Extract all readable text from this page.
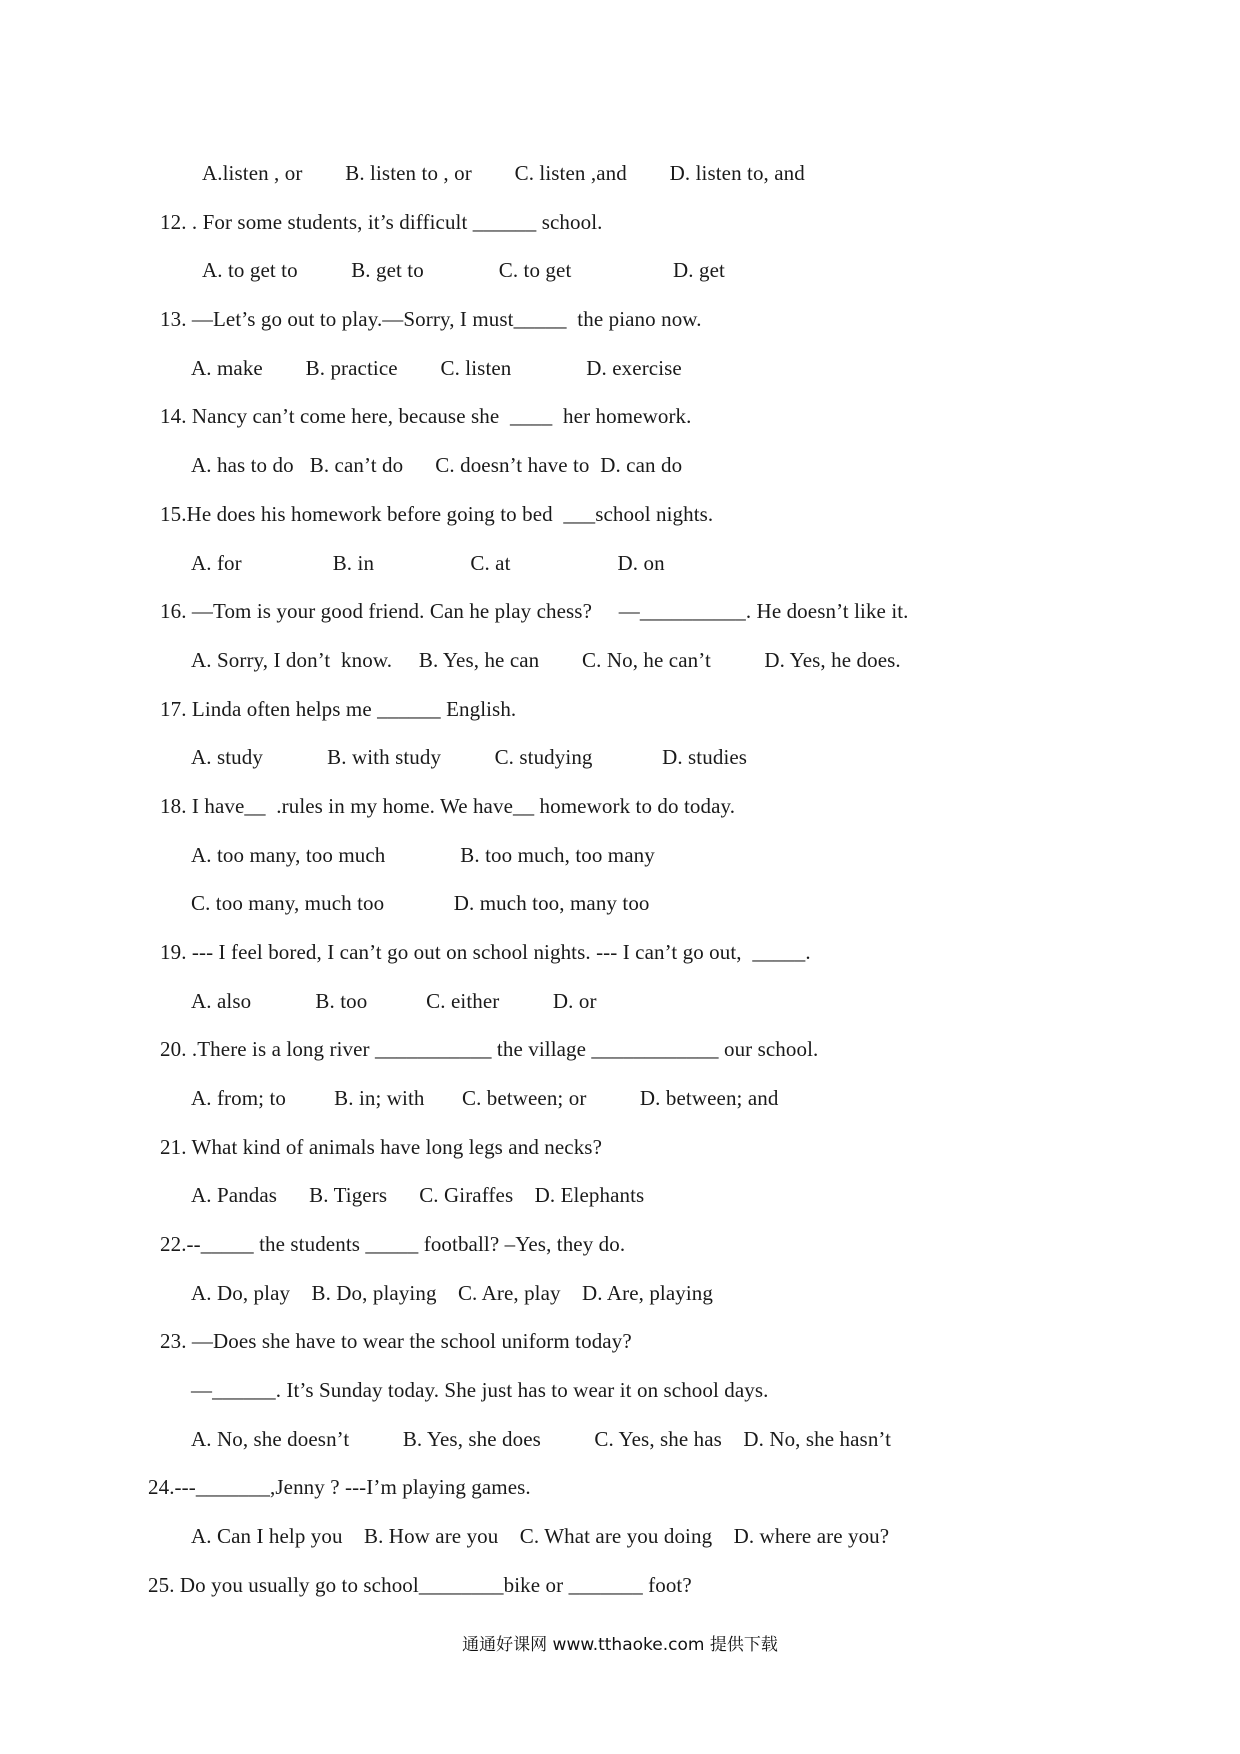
A.listen , or        B. listen to , or        C. listen ,and        D. listen to, and
12. . For some students, it’s difficult ______ school.
A. to get to          B. get to              C. to get                   D. get
13. —Let’s go out to play.—Sorry, I must_____  the piano now.
A. make        B. practice        C. listen              D. exercise
14. Nancy can’t come here, because she  ____  her homework.
A. has to do   B. can’t do      C. doesn’t have to  D. can do
15.He does his homework before going to bed  ___school nights.
A. for                 B. in                  C. at                    D. on
16. —Tom is your good friend. Can he play chess?     —__________. He doesn’t like it.
A. Sorry, I don’t  know.     B. Yes, he can        C. No, he can’t          D. Yes, he does.
17. Linda often helps me ______ English.
A. study            B. with study          C. studying             D. studies
18. I have__  .rules in my home. We have__ homework to do today.
A. too many, too much              B. too much, too many
C. too many, much too             D. much too, many too
19. --- I feel bored, I can’t go out on school nights. --- I can’t go out,  _____.
A. also            B. too           C. either          D. or
20. .There is a long river ___________ the village ____________ our school.
A. from; to         B. in; with       C. between; or          D. between; and
21. What kind of animals have long legs and necks?
A. Pandas      B. Tigers      C. Giraffes    D. Elephants
22.--_____ the students _____ football? –Yes, they do.
A. Do, play    B. Do, playing    C. Are, play    D. Are, playing
23. —Does she have to wear the school uniform today?
—______. It’s Sunday today. She just has to wear it on school days.
A. No, she doesn’t          B. Yes, she does          C. Yes, she has    D. No, she hasn’t
24.---_______,Jenny ? ---I’m playing games.
A. Can I help you    B. How are you    C. What are you doing    D. where are you?
25. Do you usually go to school________bike or _______ foot?
通通好课网 www.tthaoke.com 提供下载
